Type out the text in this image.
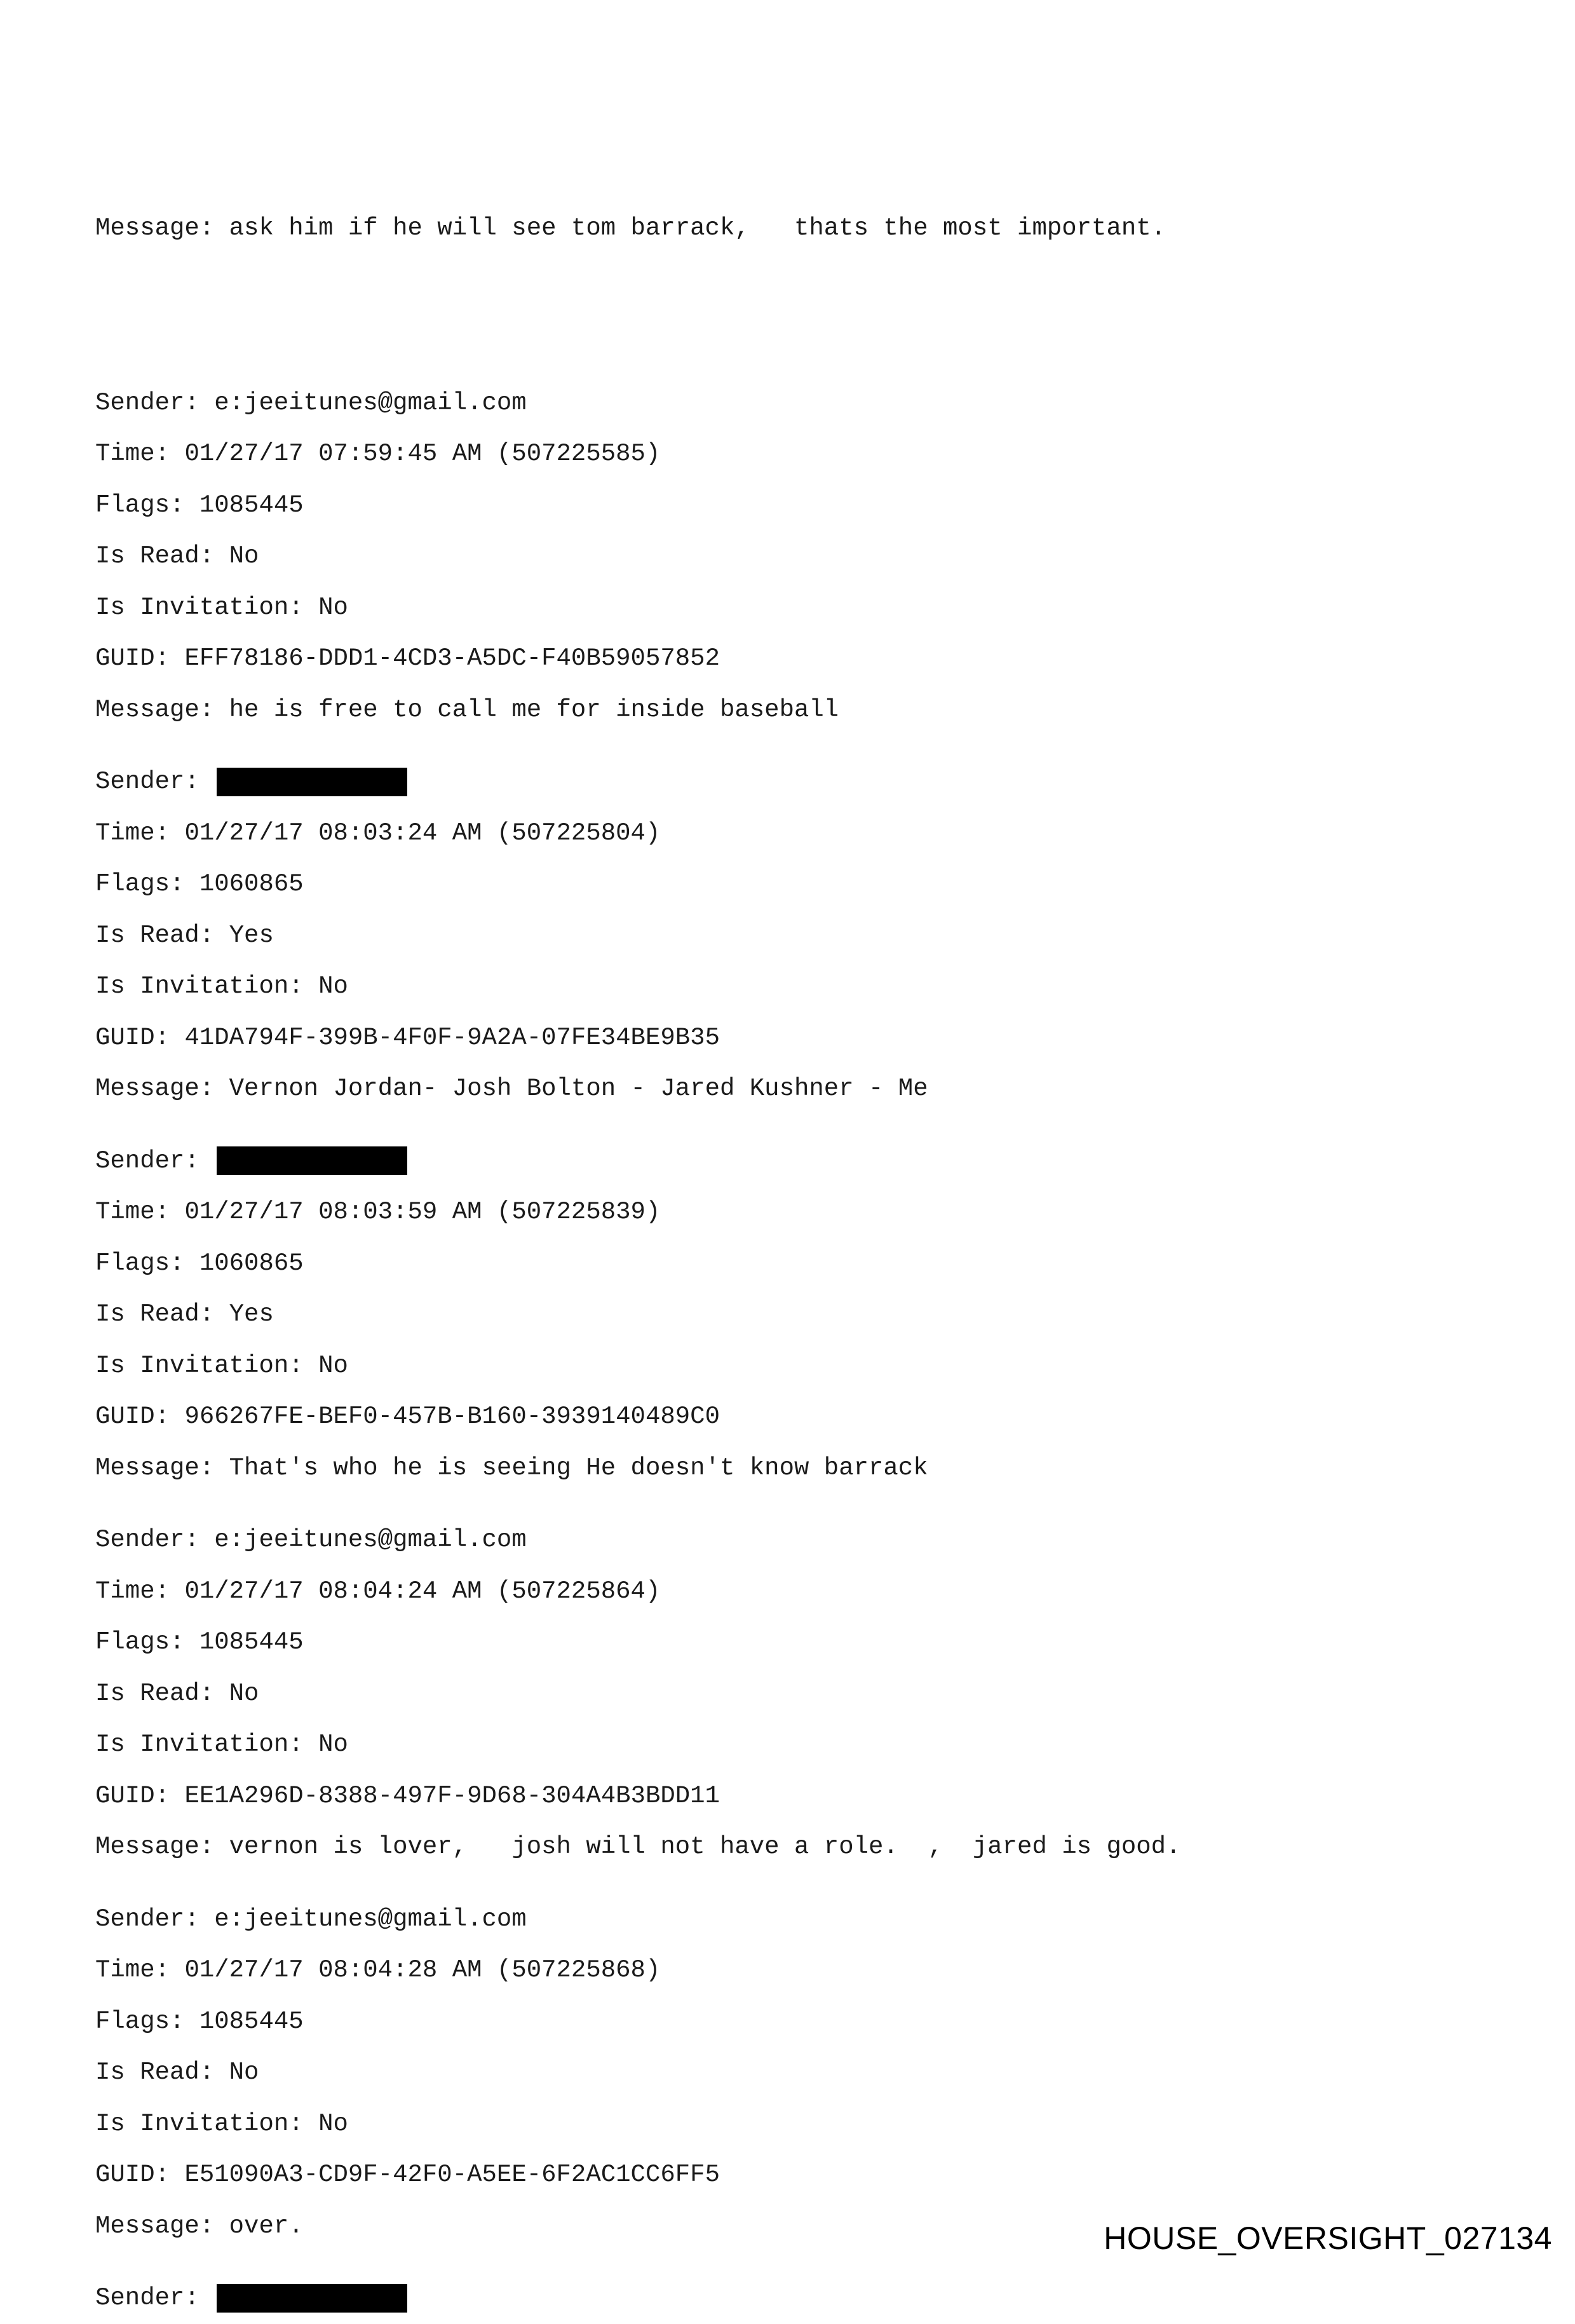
Message: ask him if he will see tom barrack,   thats the most important.

Sender: e:jeeitunes@gmail.com
Time: 01/27/17 07:59:45 AM (507225585)
Flags: 1085445
Is Read: No
Is Invitation: No
GUID: EFF78186-DDD1-4CD3-A5DC-F40B59057852
Message: he is free to call me for inside baseball
Sender:
Time: 01/27/17 08:03:24 AM (507225804)
Flags: 1060865
Is Read: Yes
Is Invitation: No
GUID: 41DA794F-399B-4F0F-9A2A-07FE34BE9B35
Message: Vernon Jordan- Josh Bolton - Jared Kushner - Me
Sender:
Time: 01/27/17 08:03:59 AM (507225839)
Flags: 1060865
Is Read: Yes
Is Invitation: No
GUID: 966267FE-BEF0-457B-B160-3939140489C0
Message: That's who he is seeing He doesn't know barrack
Sender: e:jeeitunes@gmail.com
Time: 01/27/17 08:04:24 AM (507225864)
Flags: 1085445
Is Read: No
Is Invitation: No
GUID: EE1A296D-8388-497F-9D68-304A4B3BDD11
Message: vernon is lover,   josh will not have a role.  ,  jared is good.
Sender: e:jeeitunes@gmail.com
Time: 01/27/17 08:04:28 AM (507225868)
Flags: 1085445
Is Read: No
Is Invitation: No
GUID: E51090A3-CD9F-42F0-A5EE-6F2AC1CC6FF5
Message: over.
Sender:
HOUSE_OVERSIGHT_027134
